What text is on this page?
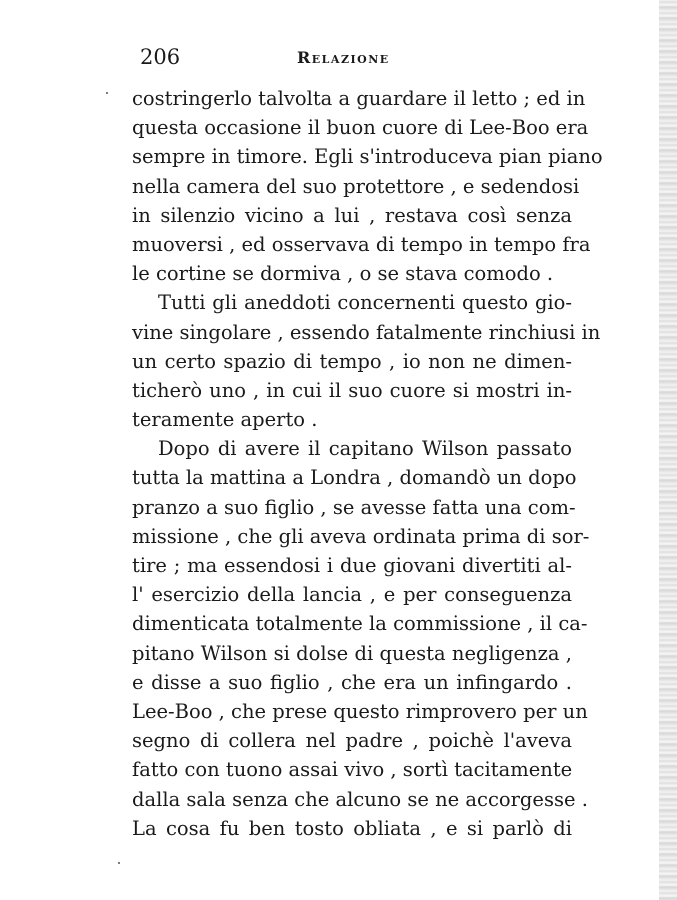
206	Relazione
costringerlo talvolta a guardare il letto ; ed in
questa occasione il buon cuore di Lee-Boo era
sempre in timore. Egli s'introduceva pian piano
nella camera del suo protettore , e sedendosi
in silenzio vicino a lui , restava così senza
muoversi , ed osservava di tempo in tempo fra
le cortine se dormiva , o se stava comodo .
Tutti gli aneddoti concernenti questo gio-
vine singolare , essendo fatalmente rinchiusi in
un certo spazio di tempo , io non ne dimen-
ticherò uno , in cui il suo cuore si mostri in-
teramente aperto .
Dopo di avere il capitano Wilson passato
tutta la mattina a Londra , domandò un dopo
pranzo a suo figlio , se avesse fatta una com-
missione , che gli aveva ordinata prima di sor-
tire ; ma essendosi i due giovani divertiti al-
l' esercizio della lancia , e per conseguenza
dimenticata totalmente la commissione , il ca-
pitano Wilson si dolse di questa negligenza ,
e disse a suo figlio , che era un infingardo .
Lee-Boo , che prese questo rimprovero per un
segno di collera nel padre , poichè l'aveva
fatto con tuono assai vivo , sortì tacitamente
dalla sala senza che alcuno se ne accorgesse .
La cosa fu ben tosto obliata , e si parlò di
